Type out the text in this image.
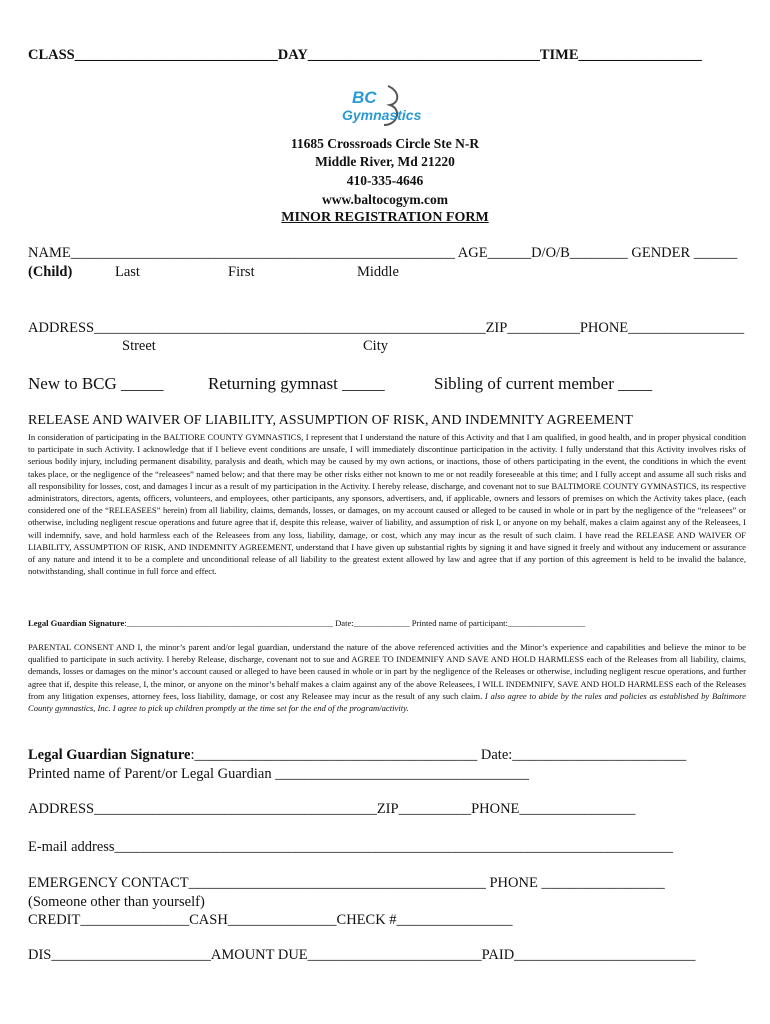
CLASS____________________________DAY________________________________TIME_________________
BC
Gymnastics
11685 Crossroads Circle Ste N-R
Middle River, Md 21220
410-335-4646
www.baltocogym.com
MINOR REGISTRATION FORM
NAME_____________________________________________________ AGE______D/O/B________ GENDER ______
(Child)	Last	First	Middle
ADDRESS______________________________________________________ZIP__________PHONE________________
Street	City
New to BCG _____	Returning gymnast _____	Sibling of current member ____
RELEASE AND WAIVER OF LIABILITY, ASSUMPTION OF RISK, AND INDEMNITY AGREEMENT
In consideration of participating in the BALTIORE COUNTY GYMNASTICS, I represent that I understand the nature of this Activity and that I am qualified, in good health, and in proper physical condition to participate in such Activity. I acknowledge that if I believe event conditions are unsafe, I will immediately discontinue participation in the activity. I fully understand that this Activity involves risks of serious bodily injury, including permanent disability, paralysis and death, which may be caused by my own actions, or inactions, those of others participating in the event, the conditions in which the event takes place, or the negligence of the “releasees” named below; and that there may be other risks either not known to me or not readily foreseeable at this time; and I fully accept and assume all such risks and all responsibility for losses, cost, and damages I incur as a result of my participation in the Activity. I hereby release, discharge, and covenant not to sue BALTIMORE COUNTY GYMNASTICS, its respective administrators, directors, agents, officers, volunteers, and employees, other participants, any sponsors, advertisers, and, if applicable, owners and lessors of premises on which the Activity takes place, (each considered one of the “RELEASEES” herein) from all liability, claims, demands, losses, or damages, on my account caused or alleged to be caused in whole or in part by the negligence of the “releasees” or otherwise, including negligent rescue operations and future agree that if, despite this release, waiver of liability, and assumption of risk I, or anyone on my behalf, makes a claim against any of the Releasees, I will indemnify, save, and hold harmless each of the Releasees from any loss, liability, damage, or cost, which any may incur as the result of such claim. I have read the RELEASE AND WAIVER OF LIABILITY, ASSUMPTION OF RISK, AND INDEMNITY AGREEMENT, understand that I have given up substantial rights by signing it and have signed it freely and without any inducement or assurance of any nature and intend it to be a complete and unconditional release of all liability to the greatest extent allowed by law and agree that if any portion of this agreement is held to be invalid the balance, notwithstanding, shall continue in full force and effect.
Legal Guardian Signature:________________________________________________ Date:_____________ Printed name of participant:__________________
PARENTAL CONSENT AND I, the minor’s parent and/or legal guardian, understand the nature of the above referenced activities and the Minor’s experience and capabilities and believe the minor to be qualified to participate in such activity. I hereby Release, discharge, covenant not to sue and AGREE TO INDEMNIFY AND SAVE AND HOLD HARMLESS each of the Releases from all liability, claims, demands, losses or damages on the minor’s account caused or alleged to have been caused in whole or in part by the negligence of the Releases or otherwise, including negligent rescue operations, and further agree that if, despite this release, I, the minor, or anyone on the minor’s behalf makes a claim against any of the above Releasees, I WILL INDEMNIFY, SAVE AND HOLD HARMLESS each of the Releases from any litigation expenses, attorney fees, loss liability, damage, or cost any Releasee may incur as the result of any such claim. I also agree to abide by the rules and policies as established by Baltimore County gymnastics, Inc. I agree to pick up children promptly at the time set for the end of the program/activity.
Legal Guardian Signature:_______________________________________ Date:________________________
Printed name of Parent/or Legal Guardian ___________________________________
ADDRESS_______________________________________ZIP__________PHONE________________
E-mail address_____________________________________________________________________________
EMERGENCY CONTACT_________________________________________ PHONE _________________
(Someone other than yourself)
CREDIT_______________CASH_______________CHECK #________________
DIS______________________AMOUNT DUE________________________PAID_________________________
